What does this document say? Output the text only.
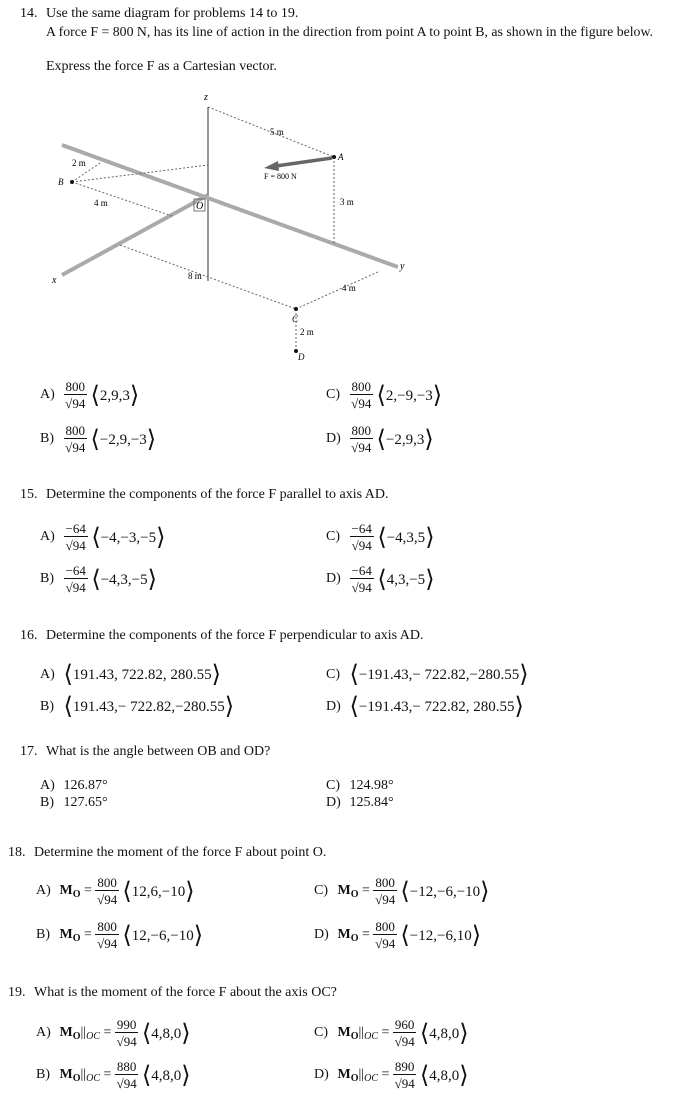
14. Use the same diagram for problems 14 to 19.
A force F = 800 N, has its line of action in the direction from point A to point B, as shown in the figure below.
Express the force F as a Cartesian vector.
z
x
y
5 m
2 m
4 m	3 m
8 m
4 m
2 m
B
O
A
C
D
F = 800 N
$A) \frac{800}{√94}$ ⟨2,9,3⟩
$B) \frac{800}{√94}$ ⟨−2,9,−3⟩
$C) \frac{800}{√94}$ ⟨2,−9,−3⟩
$D) \frac{800}{√94}$ ⟨−2,9,3⟩
15. Determine the components of the force F parallel to axis AD.
$A) \frac{-64}{√94}$ ⟨−4,−3,−5⟩
$B) \frac{-64}{√94}$ ⟨−4,3,−5⟩
$C) \frac{-64}{√94}$ ⟨−4,3,5⟩
$D) \frac{-64}{√94}$ ⟨4,3,−5⟩
16. Determine the components of the force F perpendicular to axis AD.
A) ⟨191.43, 722.82, 280.55⟩
B) ⟨191.43,− 722.82,−280.55⟩
C) ⟨−191.43,− 722.82,−280.55⟩
D) ⟨−191.43,− 722.82, 280.55⟩
17. What is the angle between OB and OD?
A) 126.87°
B) 127.65°
C) 124.98°
D) 125.84°
18. Determine the moment of the force F about point O.
A) $M_O = \frac{800}{√94}$ ⟨12,6,−10⟩
B) $M_O = \frac{800}{√94}$ ⟨12,−6,−10⟩
C) $M_O = \frac{800}{√94}$ ⟨−12,−6,−10⟩
D) $M_O = \frac{800}{√94}$ ⟨−12,−6,10⟩
19. What is the moment of the force F about the axis OC?
A) $M_O||_{OC} = \frac{990}{√94}$ ⟨4,8,0⟩
B) $M_O||_{OC} = \frac{880}{√94}$ ⟨4,8,0⟩
C) $M_O||_{OC} = \frac{960}{√94}$ ⟨4,8,0⟩
D) $M_O||_{OC} = \frac{890}{√94}$ ⟨4,8,0⟩
